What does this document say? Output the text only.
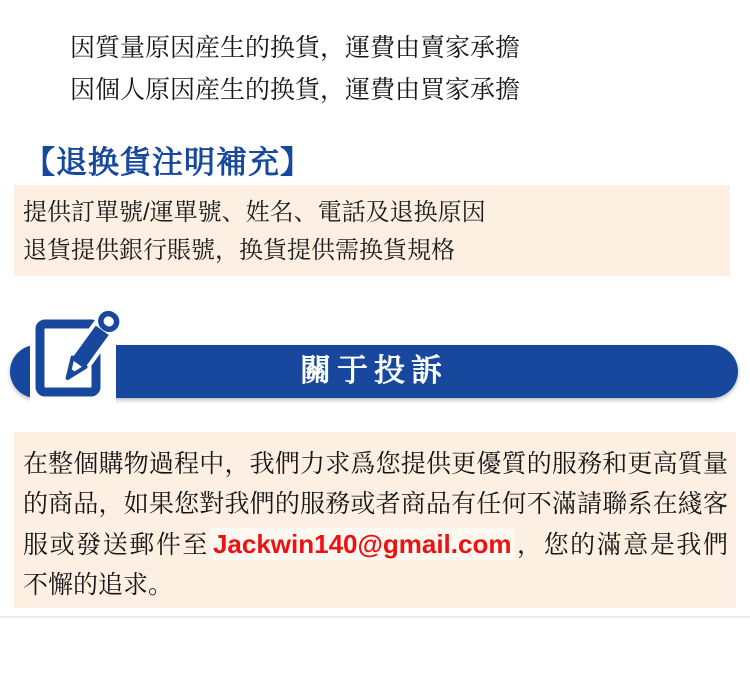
因質量原因産生的换貨，運費由賣家承擔
因個人原因産生的换貨，運費由買家承擔
【退换貨注明補充】

提供訂單號/運單號、姓名、電話及退换原因

退貨提供銀行賬號，换貨提供需换貨規格

關于投訴

在整個購物過程中，我們力求爲您提供更優質的服務和更高質量的商品，如果您對我們的服務或者商品有任何不滿請聯系在綫客服或發送郵件至 Jackwin140@gmail.com ，您的滿意是我們不懈的追求。
